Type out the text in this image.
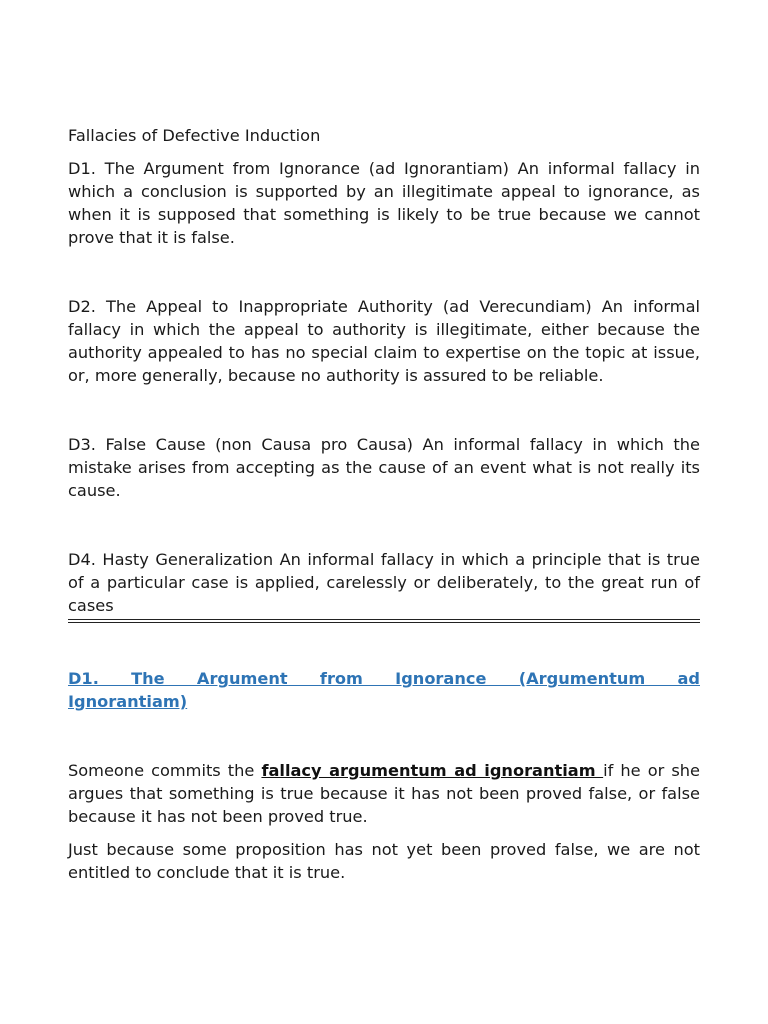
Fallacies of Defective Induction

D1. The Argument from Ignorance (ad Ignorantiam) An informal fallacy in which a conclusion is supported by an illegitimate appeal to ignorance, as when it is supposed that something is likely to be true because we cannot prove that it is false.

D2. The Appeal to Inappropriate Authority (ad Verecundiam) An informal fallacy in which the appeal to authority is illegitimate, either because the authority appealed to has no special claim to expertise on the topic at issue, or, more generally, because no authority is assured to be reliable.

D3. False Cause (non Causa pro Causa) An informal fallacy in which the mistake arises from accepting as the cause of an event what is not really its cause.

D4. Hasty Generalization An informal fallacy in which a principle that is true of a particular case is applied, carelessly or deliberately, to the great run of cases

D1. The Argument from Ignorance (Argumentum ad
Ignorantiam)

Someone commits the fallacy argumentum ad ignorantiam if he or she argues that something is true because it has not been proved false, or false because it has not been proved true.

Just because some proposition has not yet been proved false, we are not entitled to conclude that it is true.
